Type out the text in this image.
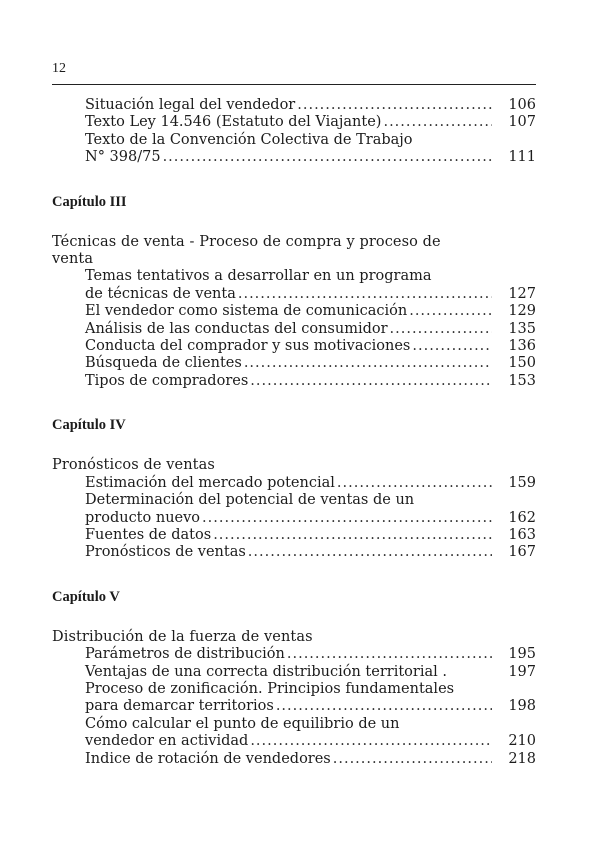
12
Situación legal del vendedor .....	106
Texto Ley 14.546 (Estatuto del Viajante) .....	107
Texto de la Convención Colectiva de Trabajo
N° 398/75 .....	111
Capítulo III
Técnicas de venta - Proceso de compra y proceso de venta
Temas tentativos a desarrollar en un programa
de técnicas de venta .....	127
El vendedor como sistema de comunicación .....	129
Análisis de las conductas del consumidor .....	135
Conducta del comprador y sus motivaciones .....	136
Búsqueda de clientes .....	150
Tipos de compradores .....	153
Capítulo IV
Pronósticos de ventas
Estimación del mercado potencial .....	159
Determinación del potencial de ventas de un
producto nuevo .....	162
Fuentes de datos .....	163
Pronósticos de ventas .....	167
Capítulo V
Distribución de la fuerza de ventas
Parámetros de distribución .....	195
Ventajas de una correcta distribución territorial .	197
Proceso de zonificación. Principios fundamentales
para demarcar territorios .....	198
Cómo calcular el punto de equilibrio de un
vendedor en actividad .....	210
Indice de rotación de vendedores .....	218
